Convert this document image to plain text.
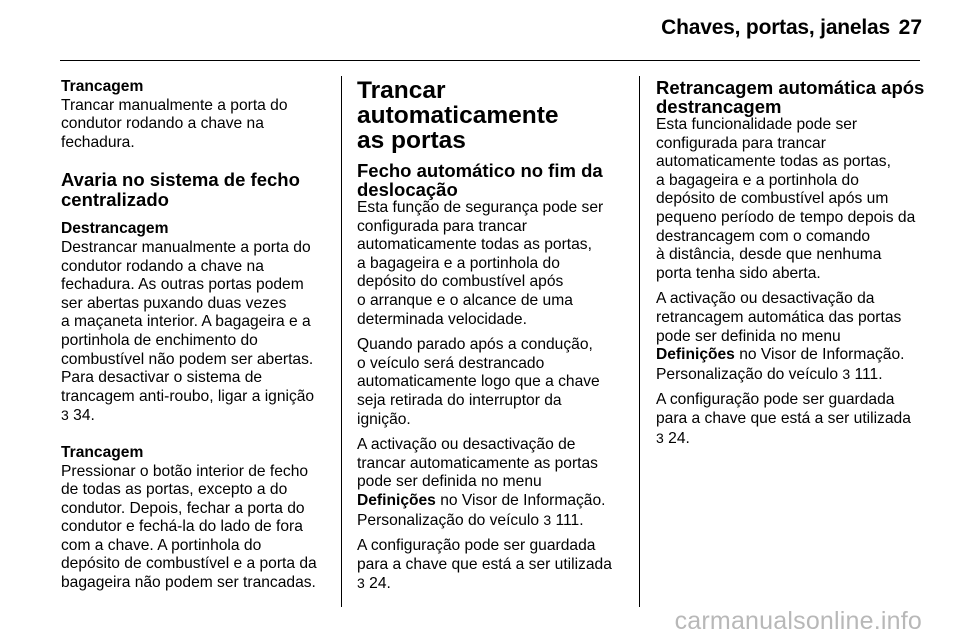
Chaves, portas, janelas 27
Trancagem
Trancar manualmente a porta do
condutor rodando a chave na
fechadura.
Avaria no sistema de fecho
centralizado
Destrancagem
Destrancar manualmente a porta do
condutor rodando a chave na
fechadura. As outras portas podem
ser abertas puxando duas vezes
a maçaneta interior. A bagageira e a
portinhola de enchimento do
combustível não podem ser abertas.
Para desactivar o sistema de
trancagem anti-roubo, ligar a ignição
3 34.
Trancagem
Pressionar o botão interior de fecho
de todas as portas, excepto a do
condutor. Depois, fechar a porta do
condutor e fechá-la do lado de fora
com a chave. A portinhola do
depósito de combustível e a porta da
bagageira não podem ser trancadas.
Trancar automaticamente
as portas
Fecho automático no fim da
deslocação
Esta função de segurança pode ser
configurada para trancar
automaticamente todas as portas,
a bagageira e a portinhola do
depósito do combustível após
o arranque e o alcance de uma
determinada velocidade.
Quando parado após a condução,
o veículo será destrancado
automaticamente logo que a chave
seja retirada do interruptor da
ignição.
A activação ou desactivação de
trancar automaticamente as portas
pode ser definida no menu
Definições no Visor de Informação.
Personalização do veículo 3 111.
A configuração pode ser guardada
para a chave que está a ser utilizada
3 24.
Retrancagem automática após
destrancagem
Esta funcionalidade pode ser
configurada para trancar
automaticamente todas as portas,
a bagageira e a portinhola do
depósito de combustível após um
pequeno período de tempo depois da
destrancagem com o comando
à distância, desde que nenhuma
porta tenha sido aberta.
A activação ou desactivação da
retrancagem automática das portas
pode ser definida no menu
Definições no Visor de Informação.
Personalização do veículo 3 111.
A configuração pode ser guardada
para a chave que está a ser utilizada
3 24.
carmanualsonline.info
